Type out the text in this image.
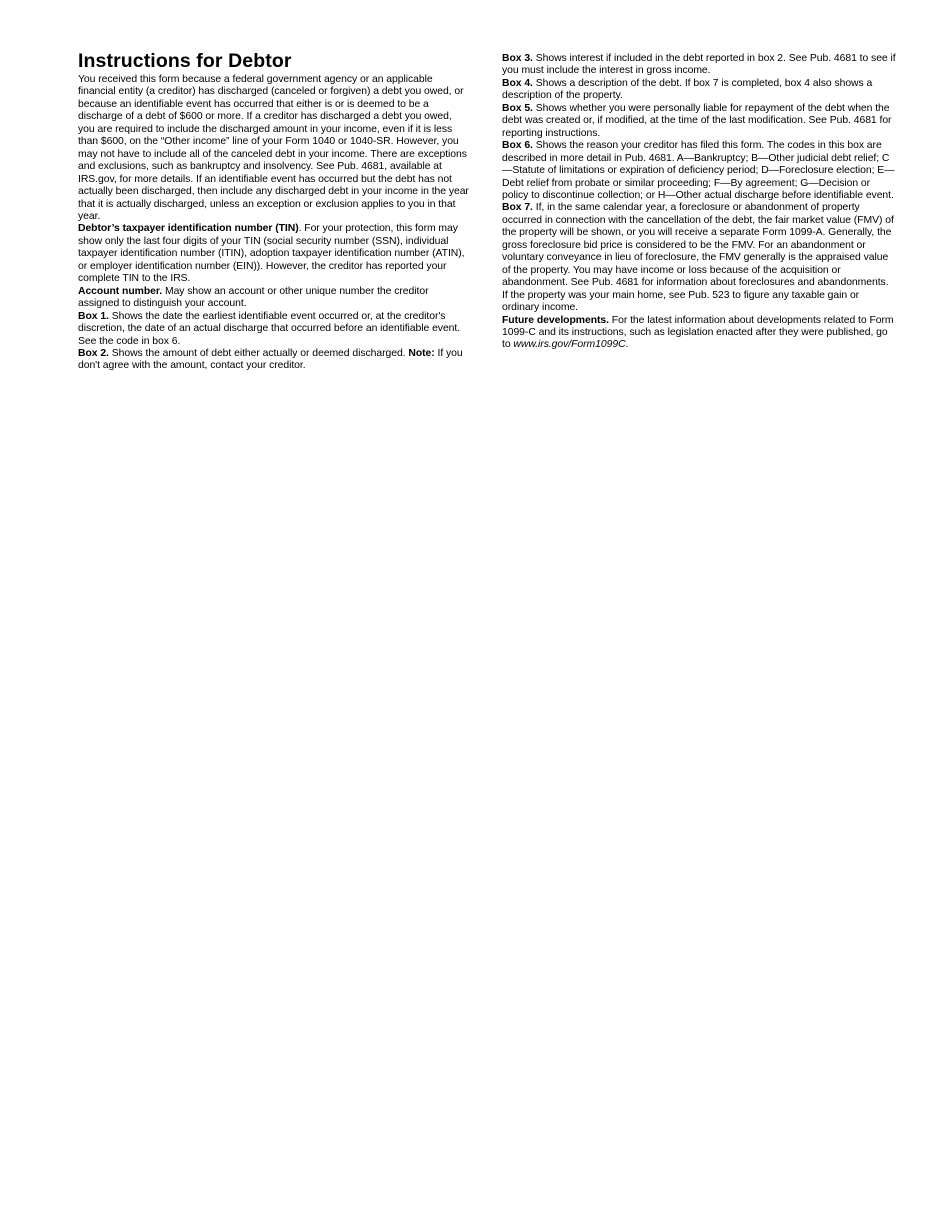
Instructions for Debtor

You received this form because a federal government agency or an applicable financial entity (a creditor) has discharged (canceled or forgiven) a debt you owed, or because an identifiable event has occurred that either is or is deemed to be a discharge of a debt of $600 or more. If a creditor has discharged a debt you owed, you are required to include the discharged amount in your income, even if it is less than $600, on the “Other income” line of your Form 1040 or 1040-SR. However, you may not have to include all of the canceled debt in your income. There are exceptions and exclusions, such as bankruptcy and insolvency. See Pub. 4681, available at IRS.gov, for more details. If an identifiable event has occurred but the debt has not actually been discharged, then include any discharged debt in your income in the year that it is actually discharged, unless an exception or exclusion applies to you in that year.

Debtor’s taxpayer identification number (TIN). For your protection, this form may show only the last four digits of your TIN (social security number (SSN), individual taxpayer identification number (ITIN), adoption taxpayer identification number (ATIN), or employer identification number (EIN)). However, the creditor has reported your complete TIN to the IRS.

Account number. May show an account or other unique number the creditor assigned to distinguish your account.

Box 1. Shows the date the earliest identifiable event occurred or, at the creditor's discretion, the date of an actual discharge that occurred before an identifiable event. See the code in box 6.

Box 2. Shows the amount of debt either actually or deemed discharged. Note: If you don't agree with the amount, contact your creditor.

Box 3. Shows interest if included in the debt reported in box 2. See Pub. 4681 to see if you must include the interest in gross income.

Box 4. Shows a description of the debt. If box 7 is completed, box 4 also shows a description of the property.

Box 5. Shows whether you were personally liable for repayment of the debt when the debt was created or, if modified, at the time of the last modification. See Pub. 4681 for reporting instructions.

Box 6. Shows the reason your creditor has filed this form. The codes in this box are described in more detail in Pub. 4681. A—Bankruptcy; B—Other judicial debt relief; C—Statute of limitations or expiration of deficiency period; D—Foreclosure election; E—Debt relief from probate or similar proceeding; F—By agreement; G—Decision or policy to discontinue collection; or H—Other actual discharge before identifiable event.

Box 7. If, in the same calendar year, a foreclosure or abandonment of property occurred in connection with the cancellation of the debt, the fair market value (FMV) of the property will be shown, or you will receive a separate Form 1099-A. Generally, the gross foreclosure bid price is considered to be the FMV. For an abandonment or voluntary conveyance in lieu of foreclosure, the FMV generally is the appraised value of the property. You may have income or loss because of the acquisition or abandonment. See Pub. 4681 for information about foreclosures and abandonments. If the property was your main home, see Pub. 523 to figure any taxable gain or ordinary income.

Future developments. For the latest information about developments related to Form 1099-C and its instructions, such as legislation enacted after they were published, go to www.irs.gov/Form1099C.
